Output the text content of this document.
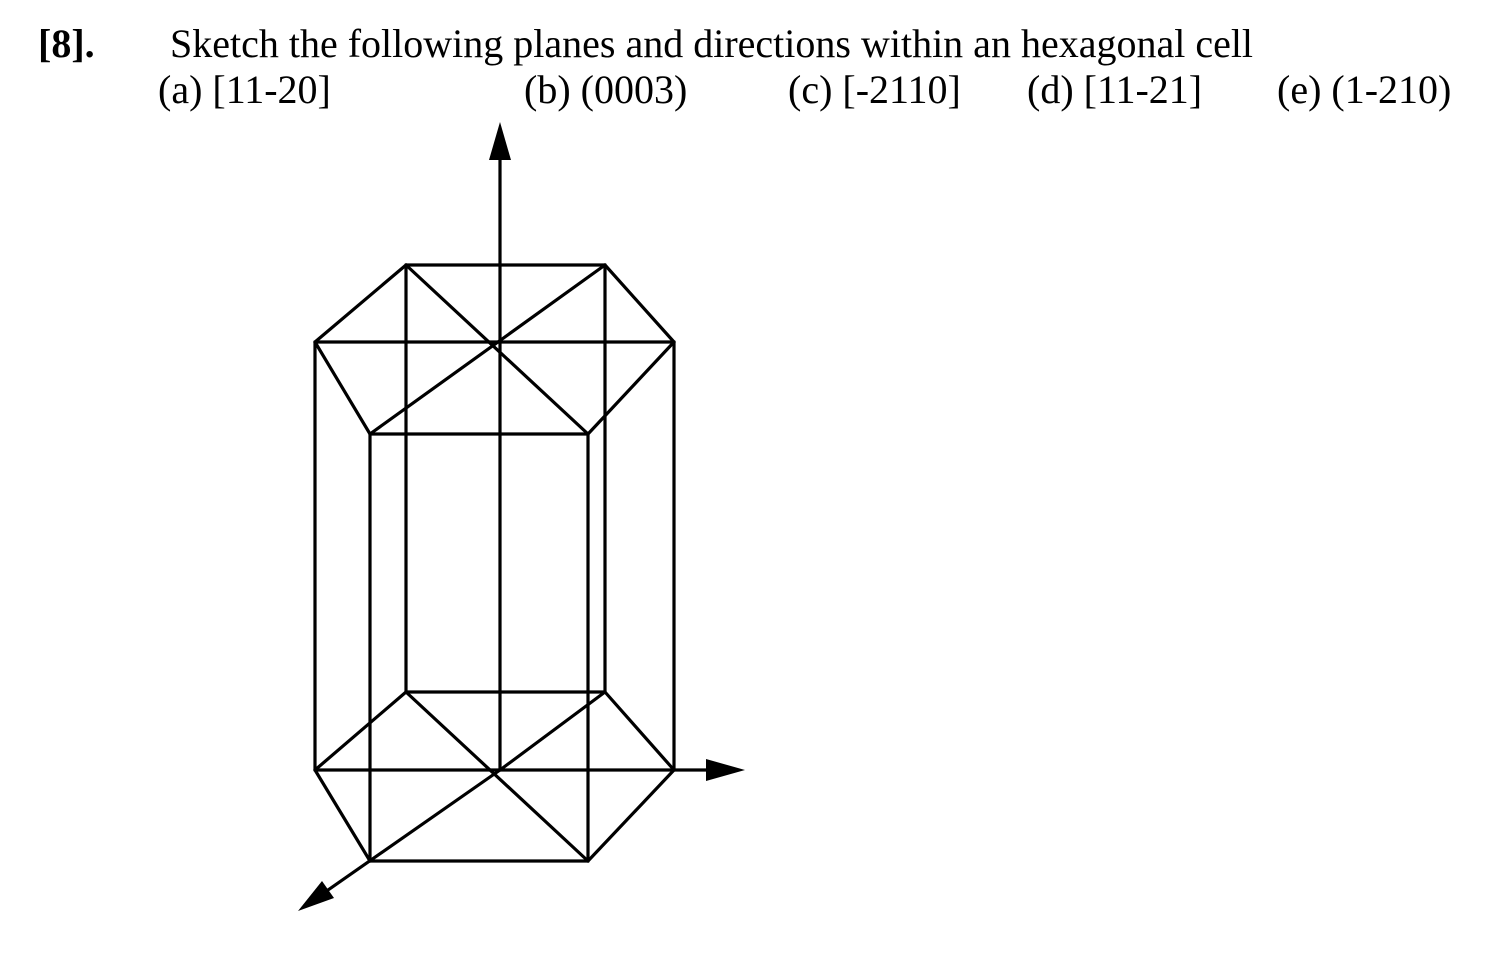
[8]. Sketch the following planes and directions within an hexagonal cell
(a) [11-20]	(b) (0003)	(c) [-2110] (d) [11-21] (e) (1-210)
